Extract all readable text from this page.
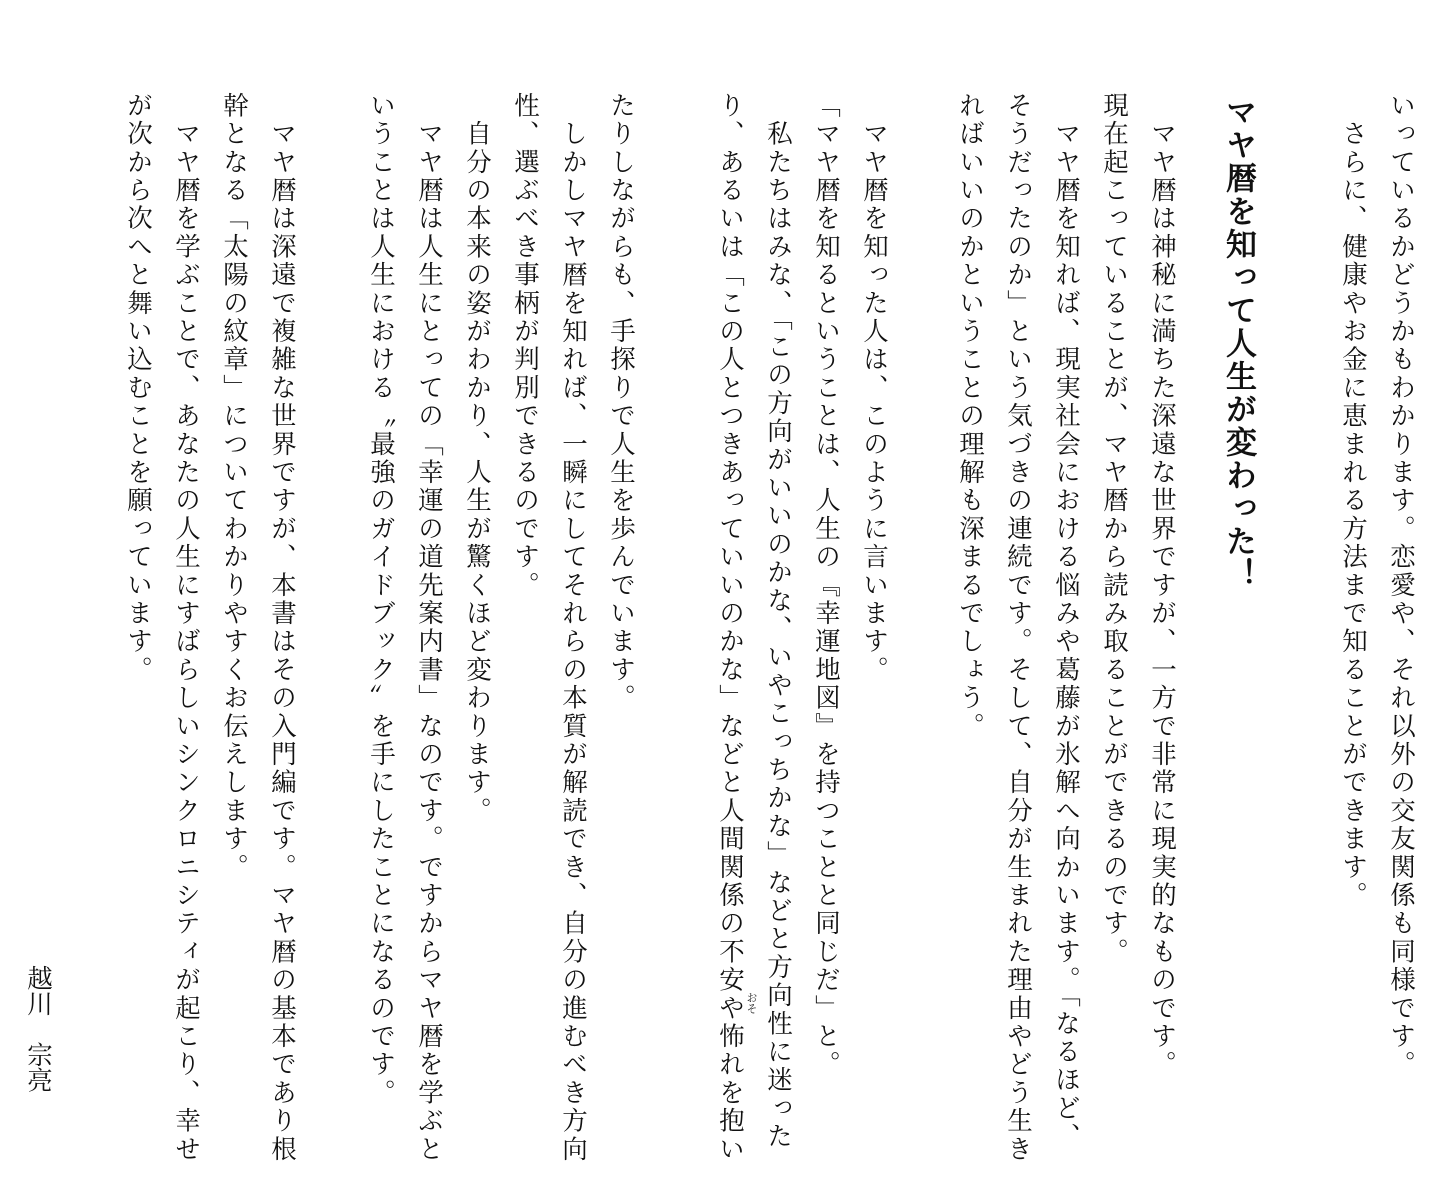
いっているかどうかもわかります。恋愛や、それ以外の交友関係も同様です。
　さらに、健康やお金に恵まれる方法まで知ることができます。
マヤ暦を知って人生が変わった！
　マヤ暦は神秘に満ちた深遠な世界ですが、一方で非常に現実的なものです。
現在起こっていることが、マヤ暦から読み取ることができるのです。
　マヤ暦を知れば、現実社会における悩みや葛藤が氷解へ向かいます。「なるほど、
そうだったのか」という気づきの連続です。そして、自分が生まれた理由やどう生き
ればいいのかということの理解も深まるでしょう。
　マヤ暦を知った人は、このように言います。
「マヤ暦を知るということは、人生の『幸運地図』を持つことと同じだ」と。
　私たちはみな、「この方向がいいのかな、いやこっちかな」などと方向性に迷った
り、あるいは「この人とつきあっていいのかな」などと人間関係の不安や怖れを抱い
たりしながらも、手探りで人生を歩んでいます。
　しかしマヤ暦を知れば、一瞬にしてそれらの本質が解読でき、自分の進むべき方向
性、選ぶべき事柄が判別できるのです。
　自分の本来の姿がわかり、人生が驚くほど変わります。
　マヤ暦は人生にとっての「幸運の道先案内書」なのです。ですからマヤ暦を学ぶと
いうことは人生における〝最強のガイドブック〟を手にしたことになるのです。
　マヤ暦は深遠で複雑な世界ですが、本書はその入門編です。マヤ暦の基本であり根
幹となる「太陽の紋章」についてわかりやすくお伝えします。
　マヤ暦を学ぶことで、あなたの人生にすばらしいシンクロニシティが起こり、幸せ
が次から次へと舞い込むことを願っています。
おそ
越川　宗亮
